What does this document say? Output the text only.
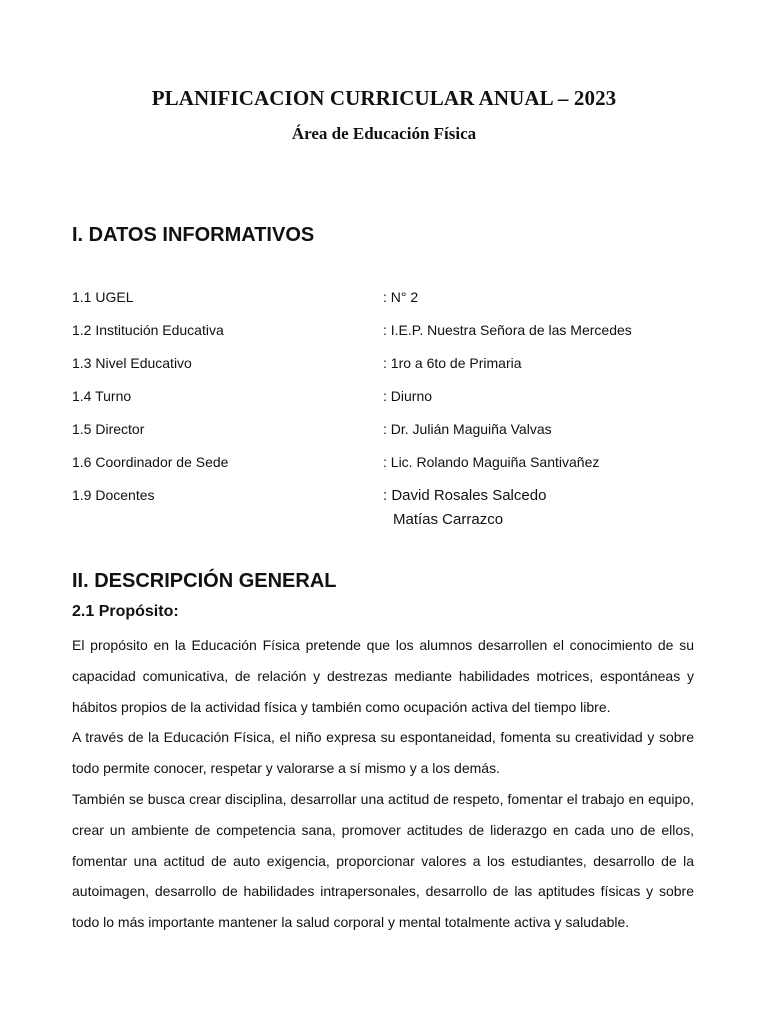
PLANIFICACION CURRICULAR ANUAL – 2023
Área de Educación Física
I. DATOS INFORMATIVOS
1.1 UGEL	: N° 2
1.2 Institución Educativa	: I.E.P. Nuestra Señora de las Mercedes
1.3 Nivel Educativo	: 1ro a 6to de Primaria
1.4 Turno	: Diurno
1.5 Director	: Dr. Julián Maguiña Valvas
1.6 Coordinador de Sede	: Lic. Rolando Maguiña Santivañez
1.9 Docentes	: David Rosales Salcedo
Matías Carrazco
II. DESCRIPCIÓN GENERAL
2.1 Propósito:

El propósito en la Educación Física pretende que los alumnos desarrollen el conocimiento de su capacidad comunicativa, de relación y destrezas mediante habilidades motrices, espontáneas y hábitos propios de la actividad física y también como ocupación activa del tiempo libre.

A través de la Educación Física, el niño expresa su espontaneidad, fomenta su creatividad y sobre todo permite conocer, respetar y valorarse a sí mismo y a los demás.

También se busca crear disciplina, desarrollar una actitud de respeto, fomentar el trabajo en equipo, crear un ambiente de competencia sana, promover actitudes de liderazgo en cada uno de ellos, fomentar una actitud de auto exigencia, proporcionar valores a los estudiantes, desarrollo de la autoimagen, desarrollo de habilidades intrapersonales, desarrollo de las aptitudes físicas y sobre todo lo más importante mantener la salud corporal y mental totalmente activa y saludable.
